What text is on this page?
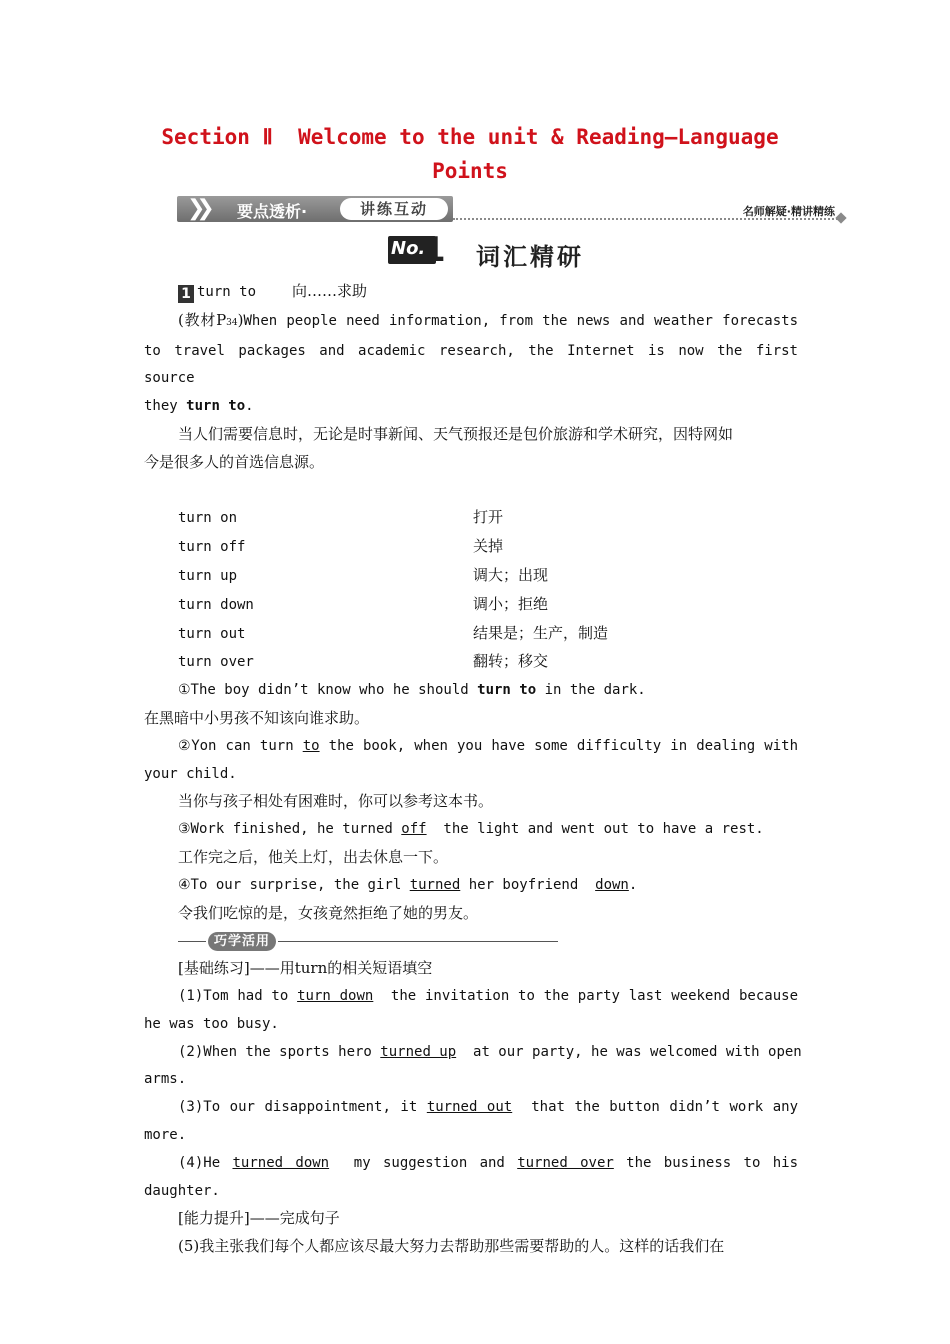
Section Ⅱ  Welcome to the unit & Reading—Language
Points
❯❯ 要点透析·	讲练互动	名师解疑·精讲精练
No.
1 词汇精研
1 turn to 向……求助
(教材P34)When people need information, from the news and weather forecasts
to travel packages and academic research, the Internet is now the first source
they turn to.
当人们需要信息时，无论是时事新闻、天气预报还是包价旅游和学术研究，因特网如
今是很多人的首选信息源。
turn on	打开
turn off	关掉
turn up	调大；出现
turn down	调小；拒绝
turn out	结果是；生产，制造
turn over	翻转；移交
①The boy didn’t know who he should turn to in the dark.
在黑暗中小男孩不知该向谁求助。
②Yon can turn to the book, when you have some difficulty in dealing with
your child.
当你与孩子相处有困难时，你可以参考这本书。
③Work finished, he turned off  the light and went out to have a rest.
工作完之后，他关上灯，出去休息一下。
④To our surprise, the girl turned her boyfriend  down.
令我们吃惊的是，女孩竟然拒绝了她的男友。
巧学活用
[基础练习]——用turn的相关短语填空
(1)Tom had to turn down  the invitation to the party last weekend because
he was too busy.
(2)When the sports hero turned up  at our party, he was welcomed with open
arms.
(3)To our disappointment, it turned out  that the button didn’t work any
more.
(4)He turned down  my suggestion and turned over the business to his
daughter.
[能力提升]——完成句子
(5)我主张我们每个人都应该尽最大努力去帮助那些需要帮助的人。这样的话我们在
